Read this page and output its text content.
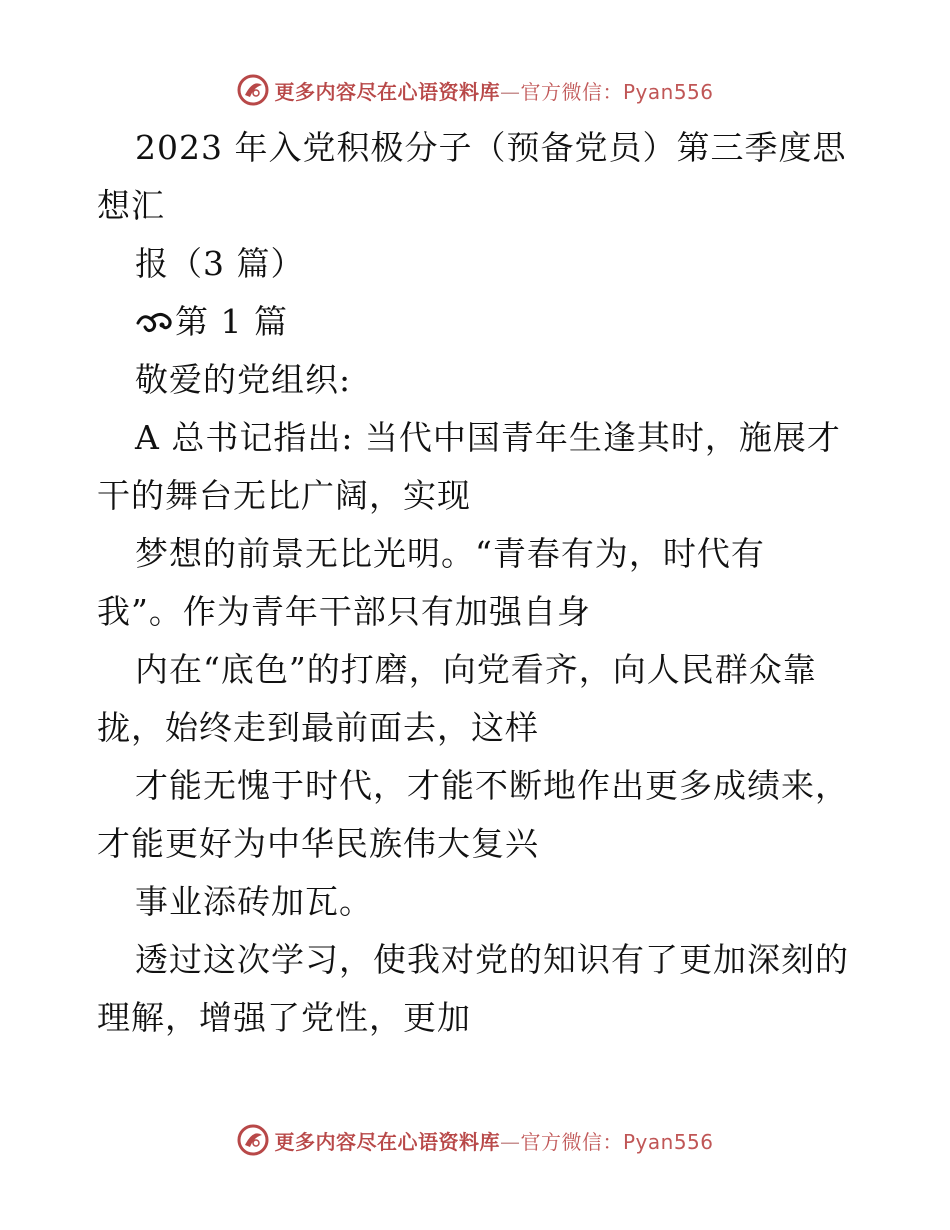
更多内容尽在心语资料库—官方微信：Pyan556
2023 年入党积极分子（预备党员）第三季度思
想汇
报（3 篇）
第 1 篇
敬爱的党组织:
A 总书记指出: 当代中国青年生逢其时，施展才
干的舞台无比广阔，实现
梦想的前景无比光明。“青春有为，时代有
我”。作为青年干部只有加强自身
内在“底色”的打磨，向党看齐，向人民群众靠
拢，始终走到最前面去，这样
才能无愧于时代，才能不断地作出更多成绩来，
才能更好为中华民族伟大复兴
事业添砖加瓦。
透过这次学习，使我对党的知识有了更加深刻的
理解，增强了党性，更加
更多内容尽在心语资料库—官方微信：Pyan556
